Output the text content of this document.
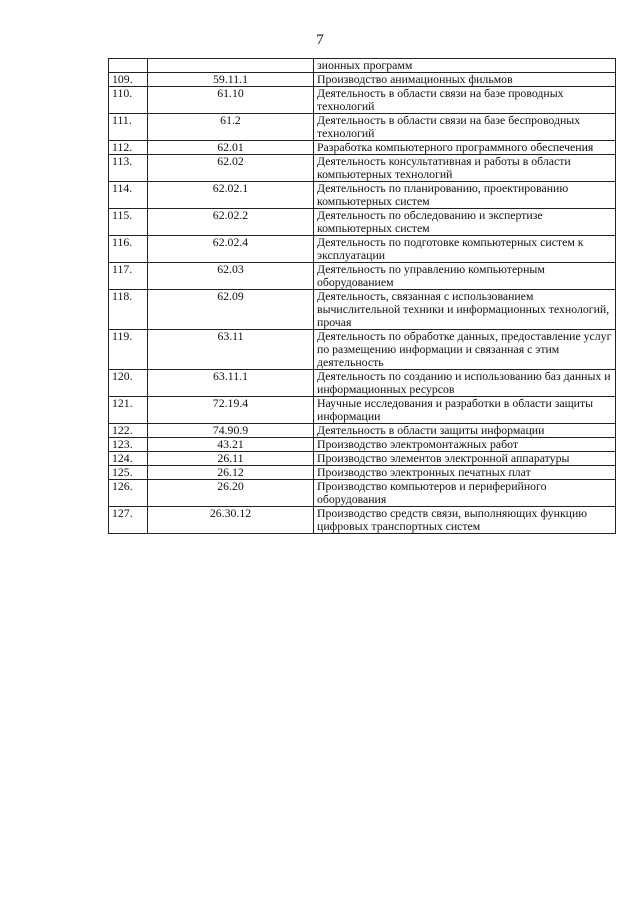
7
		зионных программ
109.	59.11.1	Производство анимационных фильмов
110.	61.10	Деятельность в области связи на базе проводных технологий
111.	61.2	Деятельность в области связи на базе беспроводных технологий
112.	62.01	Разработка компьютерного программного обеспечения
113.	62.02	Деятельность консультативная и работы в области компьютерных технологий
114.	62.02.1	Деятельность по планированию, проектированию компьютерных систем
115.	62.02.2	Деятельность по обследованию и экспертизе компьютерных систем
116.	62.02.4	Деятельность по подготовке компьютерных систем к эксплуатации
117.	62.03	Деятельность по управлению компьютерным оборудованием
118.	62.09	Деятельность, связанная с использованием вычислительной техники и информационных технологий, прочая
119.	63.11	Деятельность по обработке данных, предоставление услуг по размещению информации и связанная с этим деятельность
120.	63.11.1	Деятельность по созданию и использованию баз данных и информационных ресурсов
121.	72.19.4	Научные исследования и разработки в области защиты информации
122.	74.90.9	Деятельность в области защиты информации
123.	43.21	Производство электромонтажных работ
124.	26.11	Производство элементов электронной аппаратуры
125.	26.12	Производство электронных печатных плат
126.	26.20	Производство компьютеров и периферийного оборудования
127.	26.30.12	Производство средств связи, выполняющих функцию цифровых транспортных систем
